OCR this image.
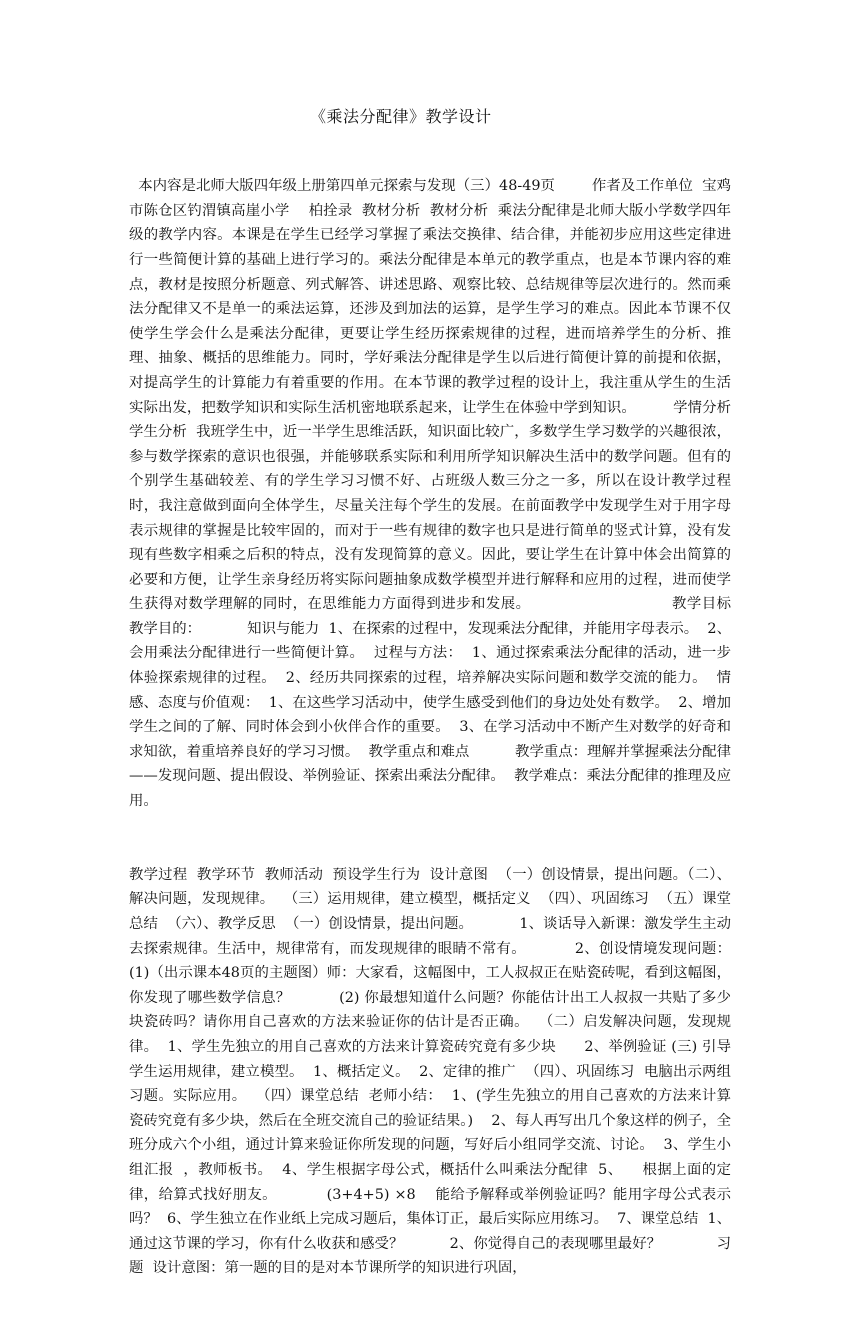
《乘法分配律》教学设计

本内容是北师大版四年级上册第四单元探索与发现（三）48-49页        作者及工作单位  宝鸡市陈仓区钓渭镇高崖小学    柏拴录  教材分析  教材分析  乘法分配律是北师大版小学数学四年级的教学内容。本课是在学生已经学习掌握了乘法交换律、结合律，并能初步应用这些定律进行一些简便计算的基础上进行学习的。乘法分配律是本单元的教学重点，也是本节课内容的难点，教材是按照分析题意、列式解答、讲述思路、观察比较、总结规律等层次进行的。然而乘法分配律又不是单一的乘法运算，还涉及到加法的运算，是学生学习的难点。因此本节课不仅使学生学会什么是乘法分配律，更要让学生经历探索规律的过程，进而培养学生的分析、推理、抽象、概括的思维能力。同时，学好乘法分配律是学生以后进行简便计算的前提和依据，对提高学生的计算能力有着重要的作用。在本节课的教学过程的设计上，我注重从学生的生活实际出发，把数学知识和实际生活机密地联系起来，让学生在体验中学到知识。        学情分析  学生分析  我班学生中，近一半学生思维活跃，知识面比较广，多数学生学习数学的兴趣很浓，参与数学探索的意识也很强，并能够联系实际和利用所学知识解决生活中的数学问题。但有的个别学生基础较差、有的学生学习习惯不好、占班级人数三分之一多，所以在设计教学过程时，我注意做到面向全体学生，尽量关注每个学生的发展。在前面教学中发现学生对于用字母表示规律的掌握是比较牢固的，而对于一些有规律的数字也只是进行简单的竖式计算，没有发现有些数字相乘之后积的特点，没有发现简算的意义。因此，要让学生在计算中体会出简算的必要和方便，让学生亲身经历将实际问题抽象成数学模型并进行解释和应用的过程，进而使学生获得对数学理解的同时，在思维能力方面得到进步和发展。                            教学目标        教学目的：          知识与能力  1、在探索的过程中，发现乘法分配律，并能用字母表示。  2、会用乘法分配律进行一些简便计算。  过程与方法：  1、通过探索乘法分配律的活动，进一步体验探索规律的过程。  2、经历共同探索的过程，培养解决实际问题和数学交流的能力。  情感、态度与价值观：  1、在这些学习活动中，使学生感受到他们的身边处处有数学。  2、增加学生之间的了解、同时体会到小伙伴合作的重要。  3、在学习活动中不断产生对数学的好奇和求知欲，着重培养良好的学习习惯。  教学重点和难点          教学重点：理解并掌握乘法分配律——发现问题、提出假设、举例验证、探索出乘法分配律。  教学难点：乘法分配律的推理及应用。

教学过程  教学环节  教师活动  预设学生行为  设计意图  （一）创设情景，提出问题。（二）、解决问题，发现规律。  （三）运用规律，建立模型，概括定义  （四）、巩固练习  （五）课堂总结  （六）、教学反思  （一）创设情景，提出问题。          1、谈话导入新课：激发学生主动去探索规律。生活中，规律常有，而发现规律的眼睛不常有。          2、创设情境发现问题：          (1)（出示课本48页的主题图）师：大家看，这幅图中，工人叔叔正在贴瓷砖呢，看到这幅图，你发现了哪些数学信息？          (2) 你最想知道什么问题？你能估计出工人叔叔一共贴了多少块瓷砖吗？请你用自己喜欢的方法来验证你的估计是否正确。  （二）启发解决问题，发现规律。  1、学生先独立的用自己喜欢的方法来计算瓷砖究竟有多少块      2、举例验证 (三) 引导学生运用规律，建立模型。  1、概括定义。  2、定律的推广  （四）、巩固练习  电脑出示两组习题。实际应用。  （四）课堂总结  老师小结：  1、(学生先独立的用自己喜欢的方法来计算瓷砖究竟有多少块，然后在全班交流自己的验证结果。)    2、每人再写出几个象这样的例子，全班分成六个小组，通过计算来验证你所发现的问题，写好后小组同学交流、讨论。  3、学生小组汇报  ，教师板书。  4、学生根据字母公式，概括什么叫乘法分配律  5、    根据上面的定律，给算式找好朋友。          (3+4+5) ×8    能给予解释或举例验证吗？能用字母公式表示吗？  6、学生独立在作业纸上完成习题后，集体订正，最后实际应用练习。  7、课堂总结  1、通过这节课的学习，你有什么收获和感受？          2、你觉得自己的表现哪里最好？            习题  设计意图：第一题的目的是对本节课所学的知识进行巩固，
